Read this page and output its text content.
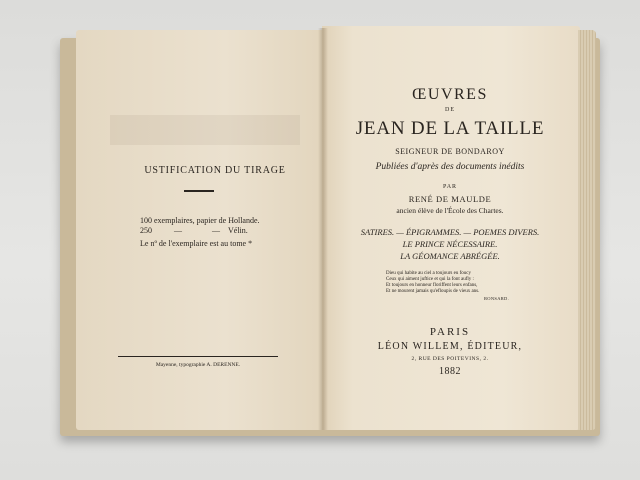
USTIFICATION DU TIRAGE
100 exemplaires, papier de Hollande.
250	—	— Vélin.
Le nº de l'exemplaire est au tome *
Mayenne, typographie A. DERENNE.
ŒUVRES
DE
JEAN DE LA TAILLE
SEIGNEUR DE BONDAROY
Publiées d'après des documents inédits
PAR
RENÉ DE MAULDE
ancien élève de l'École des Chartes.
SATIRES. — ÉPIGRAMMES. — POEMES DIVERS.
LE PRINCE NÉCESSAIRE.
LA GÉOMANCE ABRÉGÉE.
Dieu qui habite au ciel a toujours eu foucy
Ceux qui aiment juftice et qui la font aufly :
Et toujours en honneur floriffent leurs enfans,
Et ne mourent jamais qu'efloupis de vieux ans.
RONSARD.
PARIS
LÉON WILLEM, ÉDITEUR,
2, RUE DES POITEVINS, 2.
1882
